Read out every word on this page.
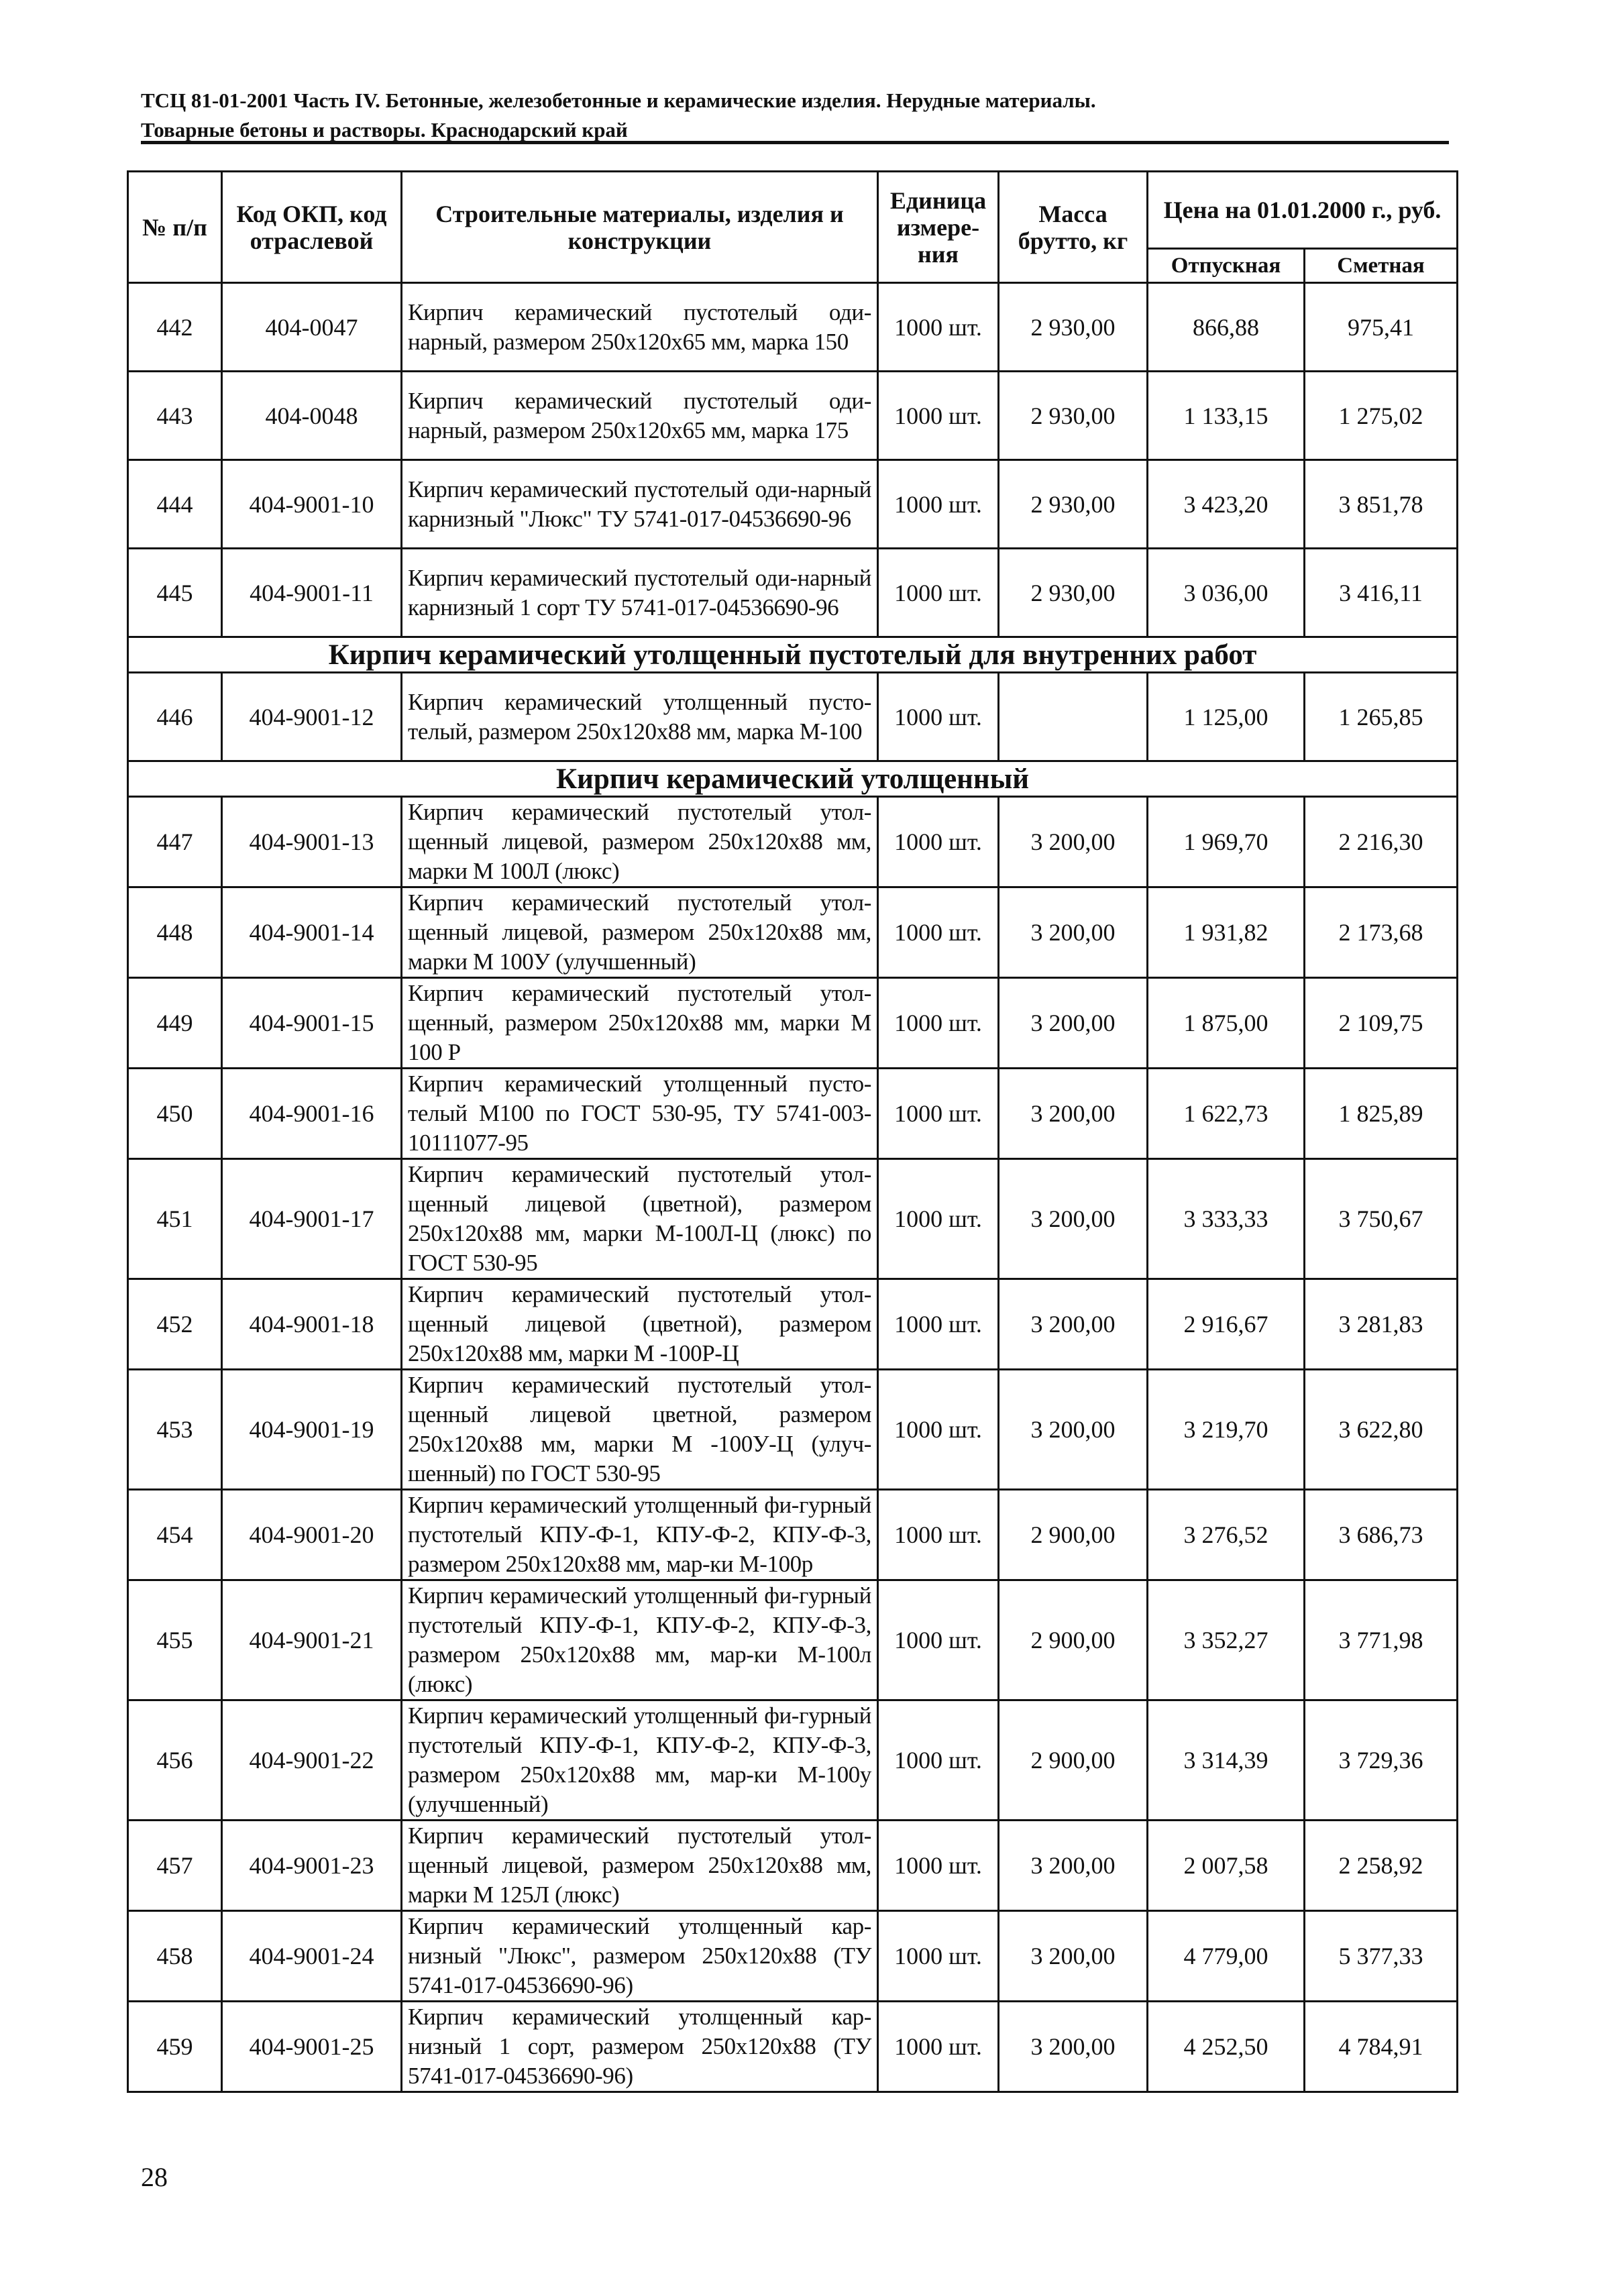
ТСЦ 81-01-2001 Часть IV. Бетонные, железобетонные и керамические изделия. Нерудные материалы.
Товарные бетоны и растворы. Краснодарский край
№ п/п	Код ОКП, код отраслевой	Строительные материалы, изделия и конструкции	Единица измере-ния	Масса брутто, кг	Цена на 01.01.2000 г., руб.	
					Отпускная	Сметная
442	404-0047	Кирпич керамический пустотелый оди-нарный, размером 250х120х65 мм, марка 150	1000 шт.	2 930,00	866,88	975,41
443	404-0048	Кирпич керамический пустотелый оди-нарный, размером 250х120х65 мм, марка 175	1000 шт.	2 930,00	1 133,15	1 275,02
444	404-9001-10	Кирпич керамический пустотелый оди-нарный карнизный "Люкс" ТУ 5741-017-04536690-96	1000 шт.	2 930,00	3 423,20	3 851,78
445	404-9001-11	Кирпич керамический пустотелый оди-нарный карнизный 1 сорт ТУ 5741-017-04536690-96	1000 шт.	2 930,00	3 036,00	3 416,11
Кирпич керамический утолщенный пустотелый для внутренних работ						
446	404-9001-12	Кирпич керамический утолщенный пусто-телый, размером 250х120х88 мм, марка М-100	1000 шт.		1 125,00	1 265,85
Кирпич керамический утолщенный						
447	404-9001-13	Кирпич керамический пустотелый утол-щенный лицевой, размером 250х120х88 мм, марки М 100Л (люкс)	1000 шт.	3 200,00	1 969,70	2 216,30
448	404-9001-14	Кирпич керамический пустотелый утол-щенный лицевой, размером 250х120х88 мм, марки М 100У (улучшенный)	1000 шт.	3 200,00	1 931,82	2 173,68
449	404-9001-15	Кирпич керамический пустотелый утол-щенный, размером 250х120х88 мм, марки М 100 Р	1000 шт.	3 200,00	1 875,00	2 109,75
450	404-9001-16	Кирпич керамический утолщенный пусто-телый М100 по ГОСТ 530-95, ТУ 5741-003-10111077-95	1000 шт.	3 200,00	1 622,73	1 825,89
451	404-9001-17	Кирпич керамический пустотелый утол-щенный лицевой (цветной), размером 250х120х88 мм, марки М-100Л-Ц (люкс) по ГОСТ 530-95	1000 шт.	3 200,00	3 333,33	3 750,67
452	404-9001-18	Кирпич керамический пустотелый утол-щенный лицевой (цветной), размером 250х120х88 мм, марки М -100Р-Ц	1000 шт.	3 200,00	2 916,67	3 281,83
453	404-9001-19	Кирпич керамический пустотелый утол-щенный лицевой цветной, размером 250х120х88 мм, марки М -100У-Ц (улуч-шенный) по ГОСТ 530-95	1000 шт.	3 200,00	3 219,70	3 622,80
454	404-9001-20	Кирпич керамический утолщенный фи-гурный пустотелый КПУ-Ф-1, КПУ-Ф-2, КПУ-Ф-3, размером 250х120х88 мм, мар-ки М-100р	1000 шт.	2 900,00	3 276,52	3 686,73
455	404-9001-21	Кирпич керамический утолщенный фи-гурный пустотелый КПУ-Ф-1, КПУ-Ф-2, КПУ-Ф-3, размером 250х120х88 мм, мар-ки М-100л (люкс)	1000 шт.	2 900,00	3 352,27	3 771,98
456	404-9001-22	Кирпич керамический утолщенный фи-гурный пустотелый КПУ-Ф-1, КПУ-Ф-2, КПУ-Ф-3, размером 250х120х88 мм, мар-ки М-100у (улучшенный)	1000 шт.	2 900,00	3 314,39	3 729,36
457	404-9001-23	Кирпич керамический пустотелый утол-щенный лицевой, размером 250х120х88 мм, марки М 125Л (люкс)	1000 шт.	3 200,00	2 007,58	2 258,92
458	404-9001-24	Кирпич керамический утолщенный кар-низный "Люкс", размером 250х120х88 (ТУ 5741-017-04536690-96)	1000 шт.	3 200,00	4 779,00	5 377,33
459	404-9001-25	Кирпич керамический утолщенный кар-низный 1 сорт, размером 250х120х88 (ТУ 5741-017-04536690-96)	1000 шт.	3 200,00	4 252,50	4 784,91
28
